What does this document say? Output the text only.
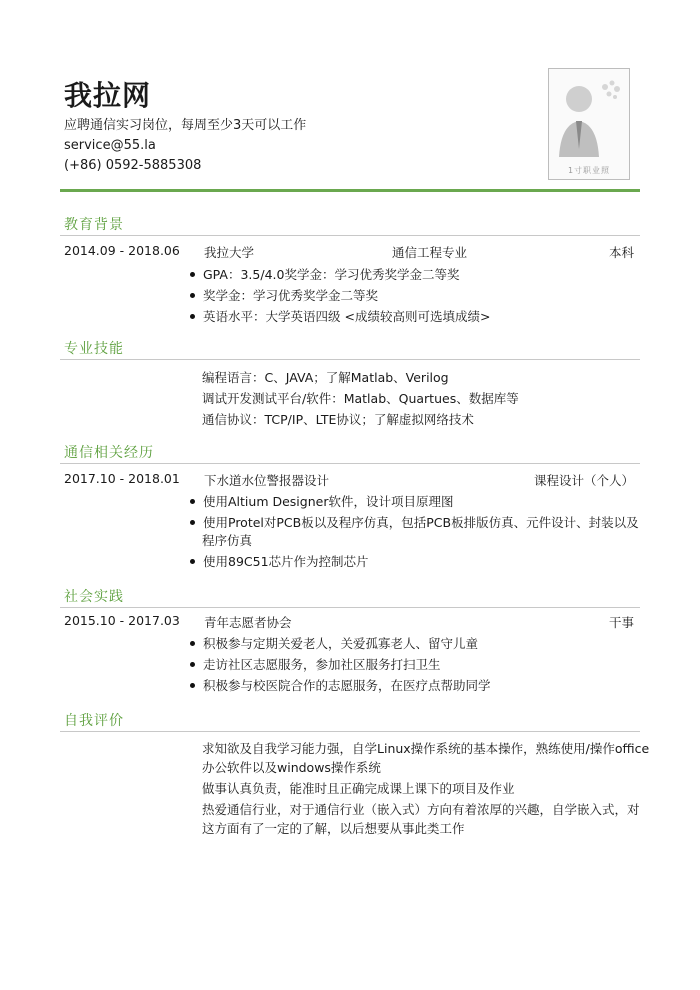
我拉网
应聘通信实习岗位，每周至少3天可以工作
service@55.la
(+86) 0592-5885308	1寸职业照
教育背景
2014.09 - 2018.06 我拉大学	通信工程专业	本科
GPA：3.5/4.0奖学金：学习优秀奖学金二等奖
奖学金：学习优秀奖学金二等奖
英语水平：大学英语四级 <成绩较高则可选填成绩>
专业技能
编程语言：C、JAVA；了解Matlab、Verilog
调试开发测试平台/软件：Matlab、Quartues、数据库等
通信协议：TCP/IP、LTE协议；了解虚拟网络技术
通信相关经历
2017.10 - 2018.01 下水道水位警报器设计	课程设计（个人）
使用Altium Designer软件，设计项目原理图
使用Protel对PCB板以及程序仿真，包括PCB板排版仿真、元件设计、封装以及
程序仿真
使用89C51芯片作为控制芯片
社会实践
2015.10 - 2017.03 青年志愿者协会	干事
积极参与定期关爱老人，关爱孤寡老人、留守儿童
走访社区志愿服务，参加社区服务打扫卫生
积极参与校医院合作的志愿服务，在医疗点帮助同学
自我评价
求知欲及自我学习能力强，自学Linux操作系统的基本操作，熟练使用/操作office
办公软件以及windows操作系统
做事认真负责，能准时且正确完成课上课下的项目及作业
热爱通信行业，对于通信行业（嵌入式）方向有着浓厚的兴趣，自学嵌入式，对
这方面有了一定的了解，以后想要从事此类工作
